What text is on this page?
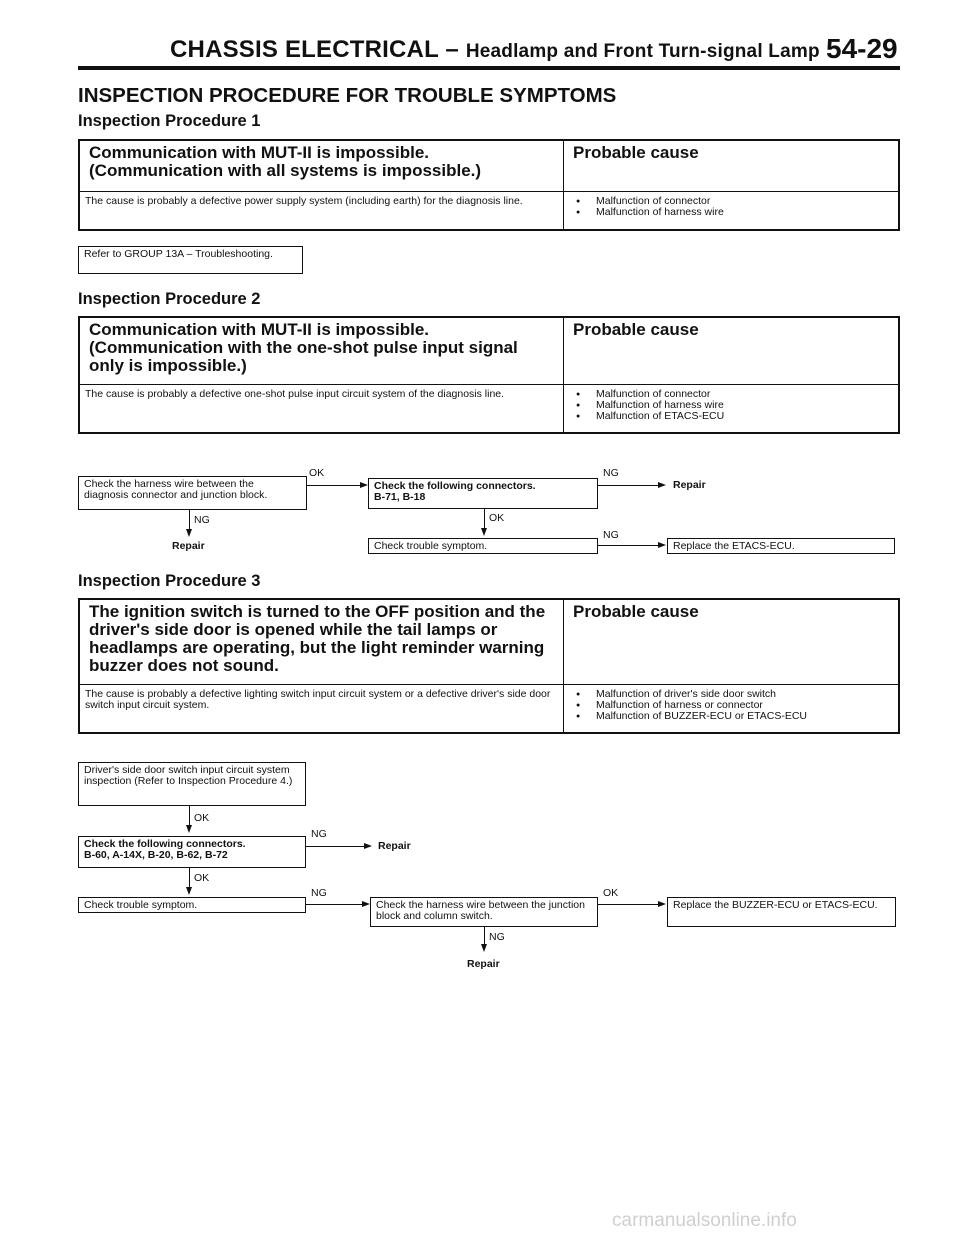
CHASSIS ELECTRICAL – Headlamp and Front Turn-signal Lamp 54-29
INSPECTION PROCEDURE FOR TROUBLE SYMPTOMS
Inspection Procedure 1
Communication with MUT-II is impossible. (Communication with all systems is impossible.)
Probable cause
The cause is probably a defective power supply system (including earth) for the diagnosis line.	● Malfunction of connector
● Malfunction of harness wire
Refer to GROUP 13A – Troubleshooting.
Inspection Procedure 2
Communication with MUT-II is impossible. (Communication with the one-shot pulse input signal only is impossible.)
Probable cause
The cause is probably a defective one-shot pulse input circuit system of the diagnosis line.	● Malfunction of connector
● Malfunction of harness wire
● Malfunction of ETACS-ECU
Check the harness wire between the diagnosis connector and junction block.
OK
Check the following connectors.
B-71, B-18
NG
Repair
NG
Repair
OK
Check trouble symptom.
NG
Replace the ETACS-ECU.
Inspection Procedure 3
The ignition switch is turned to the OFF position and the driver's side door is opened while the tail lamps or headlamps are operating, but the light reminder warning buzzer does not sound.
Probable cause
The cause is probably a defective lighting switch input circuit system or a defective driver's side door switch input circuit system.
● Malfunction of driver's side door switch
● Malfunction of harness or connector
● Malfunction of BUZZER-ECU or ETACS-ECU
Driver's side door switch input circuit system inspection (Refer to Inspection Procedure 4.)
OK
Check the following connectors.
B-60, A-14X, B-20, B-62, B-72
NG
Repair
OK
Check trouble symptom.
NG
Check the harness wire between the junction block and column switch.
OK
Replace the BUZZER-ECU or ETACS-ECU.
NG
Repair
carmanualsonline.info
